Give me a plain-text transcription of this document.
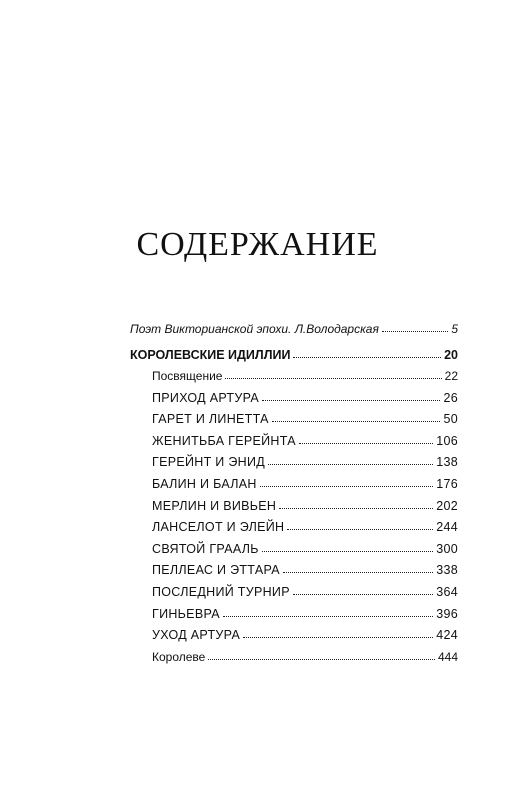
СОДЕРЖАНИЕ
Поэт Викторианской эпохи. Л.Володарская	5
КОРОЛЕВСКИЕ ИДИЛЛИИ	20
Посвящение	22
ПРИХОД АРТУРА	26
ГАРЕТ И ЛИНЕТТА	50
ЖЕНИТЬБА ГЕРЕЙНТА	106
ГЕРЕЙНТ И ЭНИД	138
БАЛИН И БАЛАН	176
МЕРЛИН И ВИВЬЕН	202
ЛАНСЕЛОТ И ЭЛЕЙН	244
СВЯТОЙ ГРААЛЬ	300
ПЕЛЛЕАС И ЭТТАРА	338
ПОСЛЕДНИЙ ТУРНИР	364
ГИНЬЕВРА	396
УХОД АРТУРА	424
Королеве	444
